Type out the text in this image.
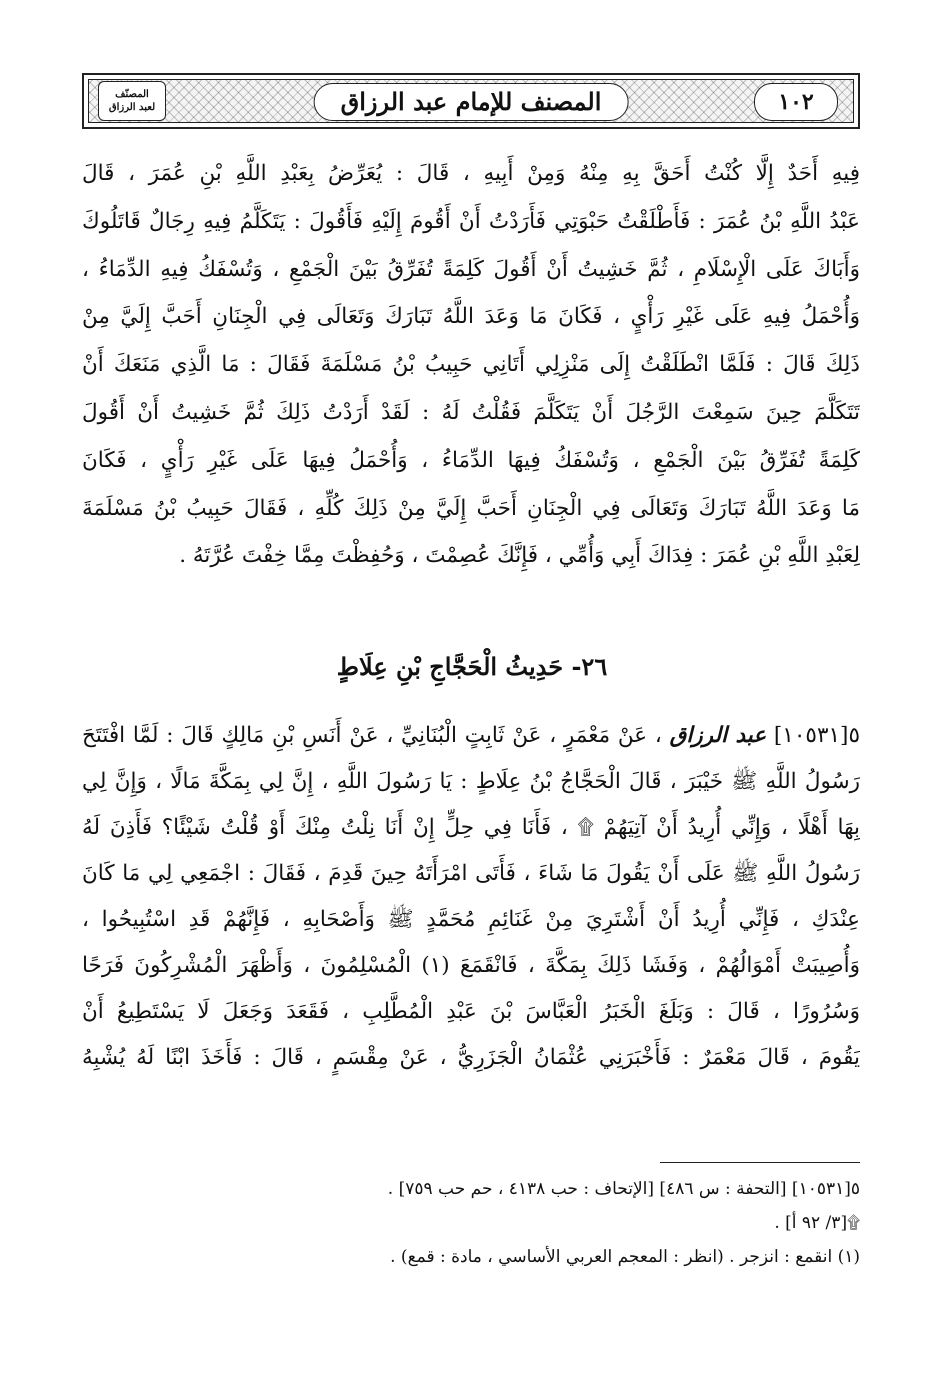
١٠٢
المصنف للإمام عبد الرزاق
المصنّف
لعبد الرزاق
فِيهِ أَحَدٌ إِلَّا كُنْتُ أَحَقَّ بِهِ مِنْهُ وَمِنْ أَبِيهِ ، قَالَ : يُعَرِّضُ بِعَبْدِ اللَّهِ بْنِ عُمَرَ ، قَالَ
عَبْدُ اللَّهِ بْنُ عُمَرَ : فَأَطْلَقْتُ حَبْوَتِي فَأَرَدْتُ أَنْ أَقُومَ إِلَيْهِ فَأَقُولَ : يَتَكَلَّمُ فِيهِ رِجَالٌ قَاتَلُوكَ
وَأَبَاكَ عَلَى الْإِسْلَامِ ، ثُمَّ خَشِيتُ أَنْ أَقُولَ كَلِمَةً تُفَرِّقُ بَيْنَ الْجَمْعِ ، وَتُسْفَكُ فِيهِ الدِّمَاءُ ،
وَأُحْمَلُ فِيهِ عَلَى غَيْرِ رَأْيٍ ، فَكَانَ مَا وَعَدَ اللَّهُ تَبَارَكَ وَتَعَالَى فِي الْجِنَانِ أَحَبَّ إِلَيَّ مِنْ
ذَلِكَ قَالَ : فَلَمَّا انْطَلَقْتُ إِلَى مَنْزِلِي أَتَانِي حَبِيبُ بْنُ مَسْلَمَةَ فَقَالَ : مَا الَّذِي مَنَعَكَ أَنْ
تَتَكَلَّمَ حِينَ سَمِعْتَ الرَّجُلَ أَنْ يَتَكَلَّمَ فَقُلْتُ لَهُ : لَقَدْ أَرَدْتُ ذَلِكَ ثُمَّ خَشِيتُ أَنْ أَقُولَ
كَلِمَةً تُفَرِّقُ بَيْنَ الْجَمْعِ ، وَتُسْفَكُ فِيهَا الدِّمَاءُ ، وَأُحْمَلُ فِيهَا عَلَى غَيْرِ رَأْيٍ ، فَكَانَ
مَا وَعَدَ اللَّهُ تَبَارَكَ وَتَعَالَى فِي الْجِنَانِ أَحَبَّ إِلَيَّ مِنْ ذَلِكَ كُلِّهِ ، فَقَالَ حَبِيبُ بْنُ مَسْلَمَةَ
لِعَبْدِ اللَّهِ بْنِ عُمَرَ : فِدَاكَ أَبِي وَأُمِّي ، فَإِنَّكَ عُصِمْتَ ، وَحُفِظْتَ مِمَّا خِفْتَ عُرَّتَهُ .
٢٦- حَدِيثُ الْحَجَّاجِ بْنِ عِلَاطٍ
٥[١٠٥٣١] عبد الرزاق ، عَنْ مَعْمَرٍ ، عَنْ ثَابِتٍ الْبُنَانِيِّ ، عَنْ أَنَسِ بْنِ مَالِكٍ قَالَ : لَمَّا افْتَتَحَ
رَسُولُ اللَّهِ ﷺ خَيْبَرَ ، قَالَ الْحَجَّاجُ بْنُ عِلَاطٍ : يَا رَسُولَ اللَّهِ ، إِنَّ لِي بِمَكَّةَ مَالًا ، وَإِنَّ لِي
بِهَا أَهْلًا ، وَإِنِّي أُرِيدُ أَنْ آتِيَهُمْ ۩ ، فَأَنَا فِي حِلٍّ إِنْ أَنَا نِلْتُ مِنْكَ أَوْ قُلْتُ شَيْئًا؟ فَأَذِنَ لَهُ
رَسُولُ اللَّهِ ﷺ عَلَى أَنْ يَقُولَ مَا شَاءَ ، فَأَتَى امْرَأَتَهُ حِينَ قَدِمَ ، فَقَالَ : اجْمَعِي لِي مَا كَانَ
عِنْدَكِ ، فَإِنِّي أُرِيدُ أَنْ أَشْتَرِيَ مِنْ غَنَائِمِ مُحَمَّدٍ ﷺ وَأَصْحَابِهِ ، فَإِنَّهُمْ قَدِ اسْتُبِيحُوا ،
وَأُصِيبَتْ أَمْوَالُهُمْ ، وَفَشَا ذَلِكَ بِمَكَّةَ ، فَانْقَمَعَ (١) الْمُسْلِمُونَ ، وَأَظْهَرَ الْمُشْرِكُونَ فَرَحًا
وَسُرُورًا ، قَالَ : وَبَلَغَ الْخَبَرُ الْعَبَّاسَ بْنَ عَبْدِ الْمُطَّلِبِ ، فَقَعَدَ وَجَعَلَ لَا يَسْتَطِيعُ أَنْ
يَقُومَ ، قَالَ مَعْمَرٌ : فَأَخْبَرَنِي عُثْمَانُ الْجَزَرِيُّ ، عَنْ مِقْسَمٍ ، قَالَ : فَأَخَذَ ابْنًا لَهُ يُشْبِهُ
٥[١٠٥٣١] [التحفة : س ٤٨٦] [الإتحاف : حب ٤١٣٨ ، حم حب ٧٥٩] .
۩[٣/ ٩٢ أ] .
(١) انقمع : انزجر . (انظر : المعجم العربي الأساسي ، مادة : قمع) .
